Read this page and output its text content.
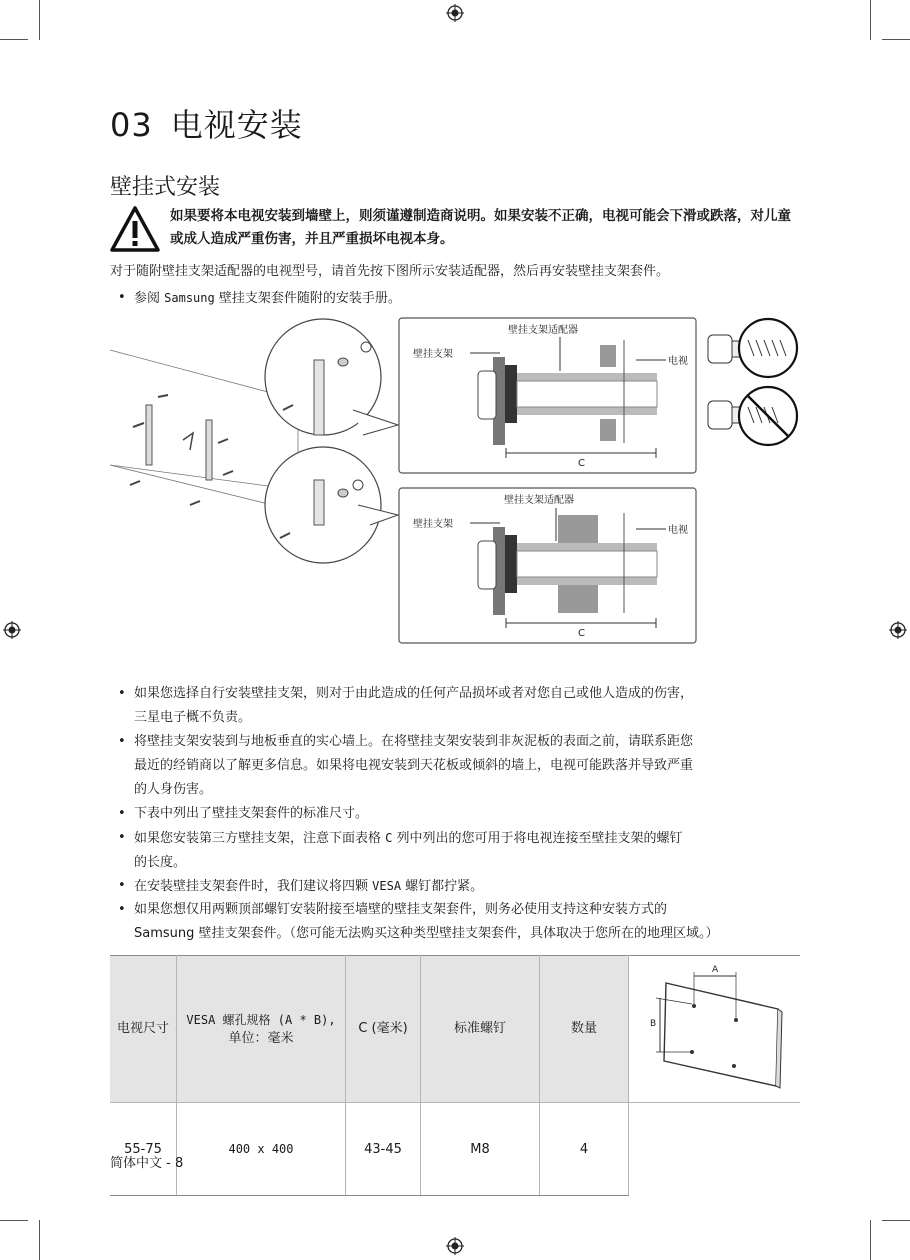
03 电视安装
壁挂式安装
如果要将本电视安装到墙壁上，则须谨遵制造商说明。如果安装不正确，电视可能会下滑或跌落，对儿童或成人造成严重伤害，并且严重损坏电视本身。
对于随附壁挂支架适配器的电视型号，请首先按下图所示安装适配器，然后再安装壁挂支架套件。
• 参阅 Samsung 壁挂支架套件随附的安装手册。
壁挂支架适配器
壁挂支架
电视
C
壁挂支架适配器
壁挂支架
电视
C
• 如果您选择自行安装壁挂支架，则对于由此造成的任何产品损坏或者对您自己或他人造成的伤害，
三星电子概不负责。
• 将壁挂支架安装到与地板垂直的实心墙上。在将壁挂支架安装到非灰泥板的表面之前，请联系距您
最近的经销商以了解更多信息。如果将电视安装到天花板或倾斜的墙上，电视可能跌落并导致严重
的人身伤害。
• 下表中列出了壁挂支架套件的标准尺寸。
• 如果您安装第三方壁挂支架，注意下面表格 C 列中列出的您可用于将电视连接至壁挂支架的螺钉
的长度。
• 在安装壁挂支架套件时，我们建议将四颗 VESA 螺钉都拧紧。
• 如果您想仅用两颗顶部螺钉安装附接至墙壁的壁挂支架套件，则务必使用支持这种安装方式的
Samsung 壁挂支架套件。（您可能无法购买这种类型壁挂支架套件，具体取决于您所在的地理区域。）
电视尺寸	VESA 螺孔规格 (A * B),
单位：毫米	C (毫米)	标准螺钉	数量	A
B

55-75	400 x 400	43-45	M8	4	
简体中文 - 8
